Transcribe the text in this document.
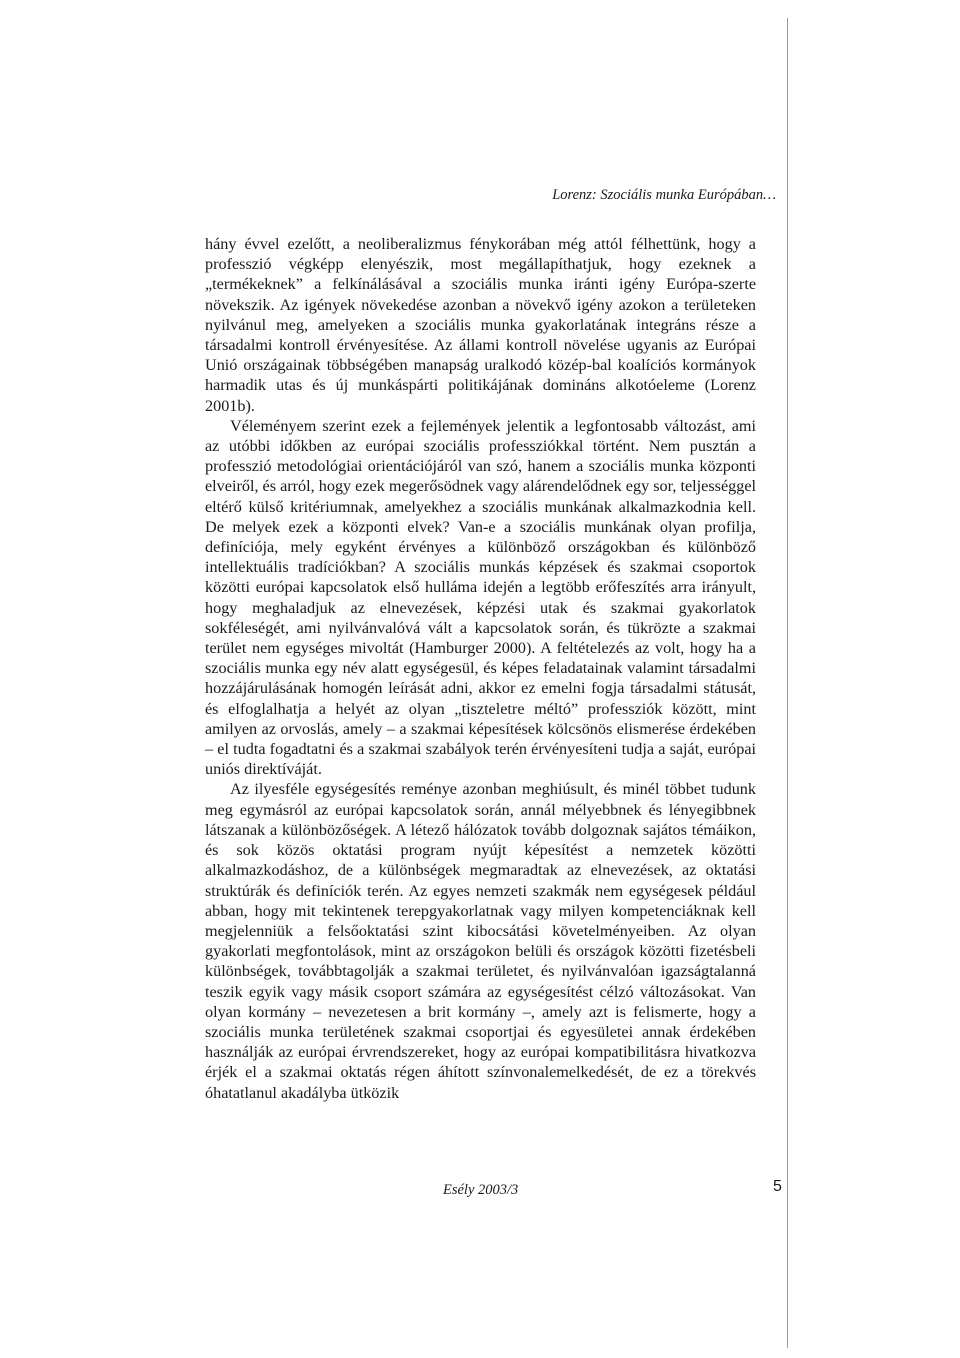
Lorenz: Szociális munka Európában…

hány évvel ezelőtt, a neoliberalizmus fénykorában még attól félhettünk, hogy a professzió végképp elenyészik, most megállapíthatjuk, hogy ezeknek a „termékeknek” a felkínálásával a szociális munka iránti igény Európa-szerte növekszik. Az igények növekedése azonban a növekvő igény azokon a területeken nyilvánul meg, amelyeken a szociális munka gyakorlatának integráns része a társadalmi kontroll érvényesítése. Az állami kontroll növelése ugyanis az Európai Unió országainak többségében manapság uralkodó közép-bal koalíciós kormányok harmadik utas és új munkáspárti politikájának domináns alkotóeleme (Lorenz 2001b).

Véleményem szerint ezek a fejlemények jelentik a legfontosabb változást, ami az utóbbi időkben az európai szociális professziókkal történt. Nem pusztán a professzió metodológiai orientációjáról van szó, hanem a szociális munka központi elveiről, és arról, hogy ezek megerősödnek vagy alárendelődnek egy sor, teljességgel eltérő külső kritériumnak, amelyekhez a szociális munkának alkalmazkodnia kell. De melyek ezek a központi elvek? Van-e a szociális munkának olyan profilja, definíciója, mely egyként érvényes a különböző országokban és különböző intellektuális tradíciókban? A szociális munkás képzések és szakmai csoportok közötti európai kapcsolatok első hulláma idején a legtöbb erőfeszítés arra irányult, hogy meghaladjuk az elnevezések, képzési utak és szakmai gyakorlatok sokféleségét, ami nyilvánvalóvá vált a kapcsolatok során, és tükrözte a szakmai terület nem egységes mivoltát (Hamburger 2000). A feltételezés az volt, hogy ha a szociális munka egy név alatt egységesül, és képes feladatainak valamint társadalmi hozzájárulásának homogén leírását adni, akkor ez emelni fogja társadalmi státusát, és elfoglalhatja a helyét az olyan „tiszteletre méltó” professziók között, mint amilyen az orvoslás, amely – a szakmai képesítések kölcsönös elismerése érdekében – el tudta fogadtatni és a szakmai szabályok terén érvényesíteni tudja a saját, európai uniós direktíváját.

Az ilyesféle egységesítés reménye azonban meghiúsult, és minél többet tudunk meg egymásról az európai kapcsolatok során, annál mélyebbnek és lényegibbnek látszanak a különbözőségek. A létező hálózatok tovább dolgoznak sajátos témáikon, és sok közös oktatási program nyújt képesítést a nemzetek közötti alkalmazkodáshoz, de a különbségek megmaradtak az elnevezések, az oktatási struktúrák és definíciók terén. Az egyes nemzeti szakmák nem egységesek például abban, hogy mit tekintenek terepgyakorlatnak vagy milyen kompetenciáknak kell megjelenniük a felsőoktatási szint kibocsátási követelményeiben. Az olyan gyakorlati megfontolások, mint az országokon belüli és országok közötti fizetésbeli különbségek, továbbtagolják a szakmai területet, és nyilvánvalóan igazságtalanná teszik egyik vagy másik csoport számára az egységesítést célzó változásokat. Van olyan kormány – nevezetesen a brit kormány –, amely azt is felismerte, hogy a szociális munka területének szakmai csoportjai és egyesületei annak érdekében használják az európai érvrendszereket, hogy az európai kompatibilitásra hivatkozva érjék el a szakmai oktatás régen áhított színvonalemelkedését, de ez a törekvés óhatatlanul akadályba ütközik

Esély 2003/3	5
